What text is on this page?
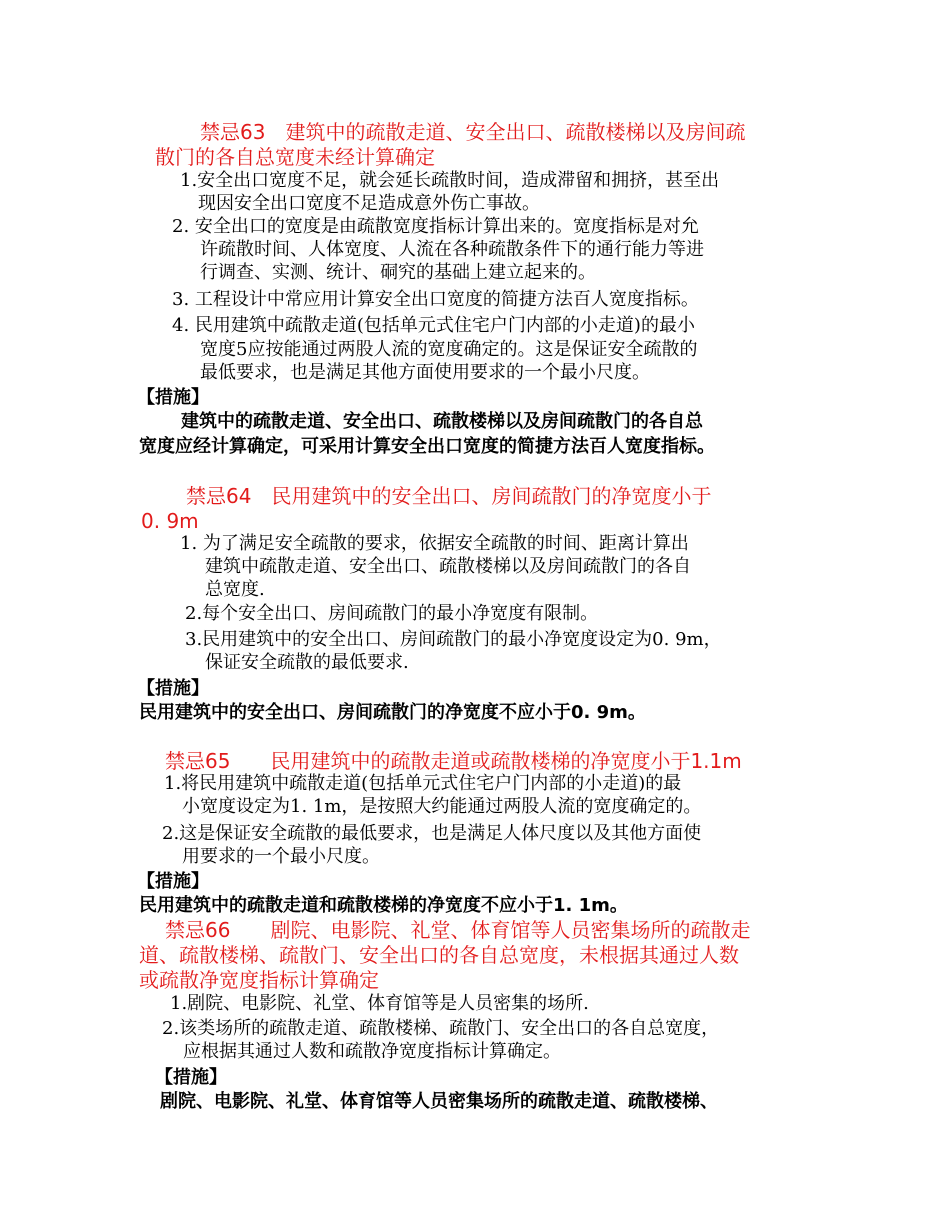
禁忌63　建筑中的疏散走道、安全出口、疏散楼梯以及房间疏
散门的各自总宽度未经计算确定
1.安全出口宽度不足，就会延长疏散时间，造成滞留和拥挤，甚至出
现因安全出口宽度不足造成意外伤亡事故。
2. 安全出口的宽度是由疏散宽度指标计算出来的。宽度指标是对允
许疏散时间、人体宽度、人流在各种疏散条件下的通行能力等进
行调查、实测、统计、硐究的基础上建立起来的。
3. 工程设计中常应用计算安全出口宽度的简捷方法百人宽度指标。
4. 民用建筑中疏散走道(包括单元式住宅户门内部的小走道)的最小
宽度5应按能通过两股人流的宽度确定的。这是保证安全疏散的
最低要求，也是满足其他方面使用要求的一个最小尺度。
【措施】
建筑中的疏散走道、安全出口、疏散楼梯以及房间疏散门的各自总
宽度应经计算确定，可采用计算安全出口宽度的简捷方法百人宽度指标。
禁忌64　民用建筑中的安全出口、房间疏散门的净宽度小于
0. 9m
1. 为了满足安全疏散的要求，依据安全疏散的时间、距离计算出
建筑中疏散走道、安全出口、疏散楼梯以及房间疏散门的各自
总宽度.
2.每个安全出口、房间疏散门的最小净宽度有限制。
3.民用建筑中的安全出口、房间疏散门的最小净宽度设定为0. 9m，
保证安全疏散的最低要求.
【措施】
民用建筑中的安全出口、房间疏散门的净宽度不应小于0. 9m。
禁忌65　　民用建筑中的疏散走道或疏散楼梯的净宽度小于1.1m
1.将民用建筑中疏散走道(包括单元式住宅户门内部的小走道)的最
小宽度设定为1. 1m，是按照大约能通过两股人流的宽度确定的。
2.这是保证安全疏散的最低要求，也是满足人体尺度以及其他方面使
用要求的一个最小尺度。
【措施】
民用建筑中的疏散走道和疏散楼梯的净宽度不应小于1. 1m。
禁忌66　　剧院、电影院、礼堂、体育馆等人员密集场所的疏散走
道、疏散楼梯、疏散门、安全出口的各自总宽度，未根据其通过人数
或疏散净宽度指标计算确定
1.剧院、电影院、礼堂、体育馆等是人员密集的场所.
2.该类场所的疏散走道、疏散楼梯、疏散门、安全出口的各自总宽度，
应根据其通过人数和疏散净宽度指标计算确定。
【措施】
剧院、电影院、礼堂、体育馆等人员密集场所的疏散走道、疏散楼梯、
